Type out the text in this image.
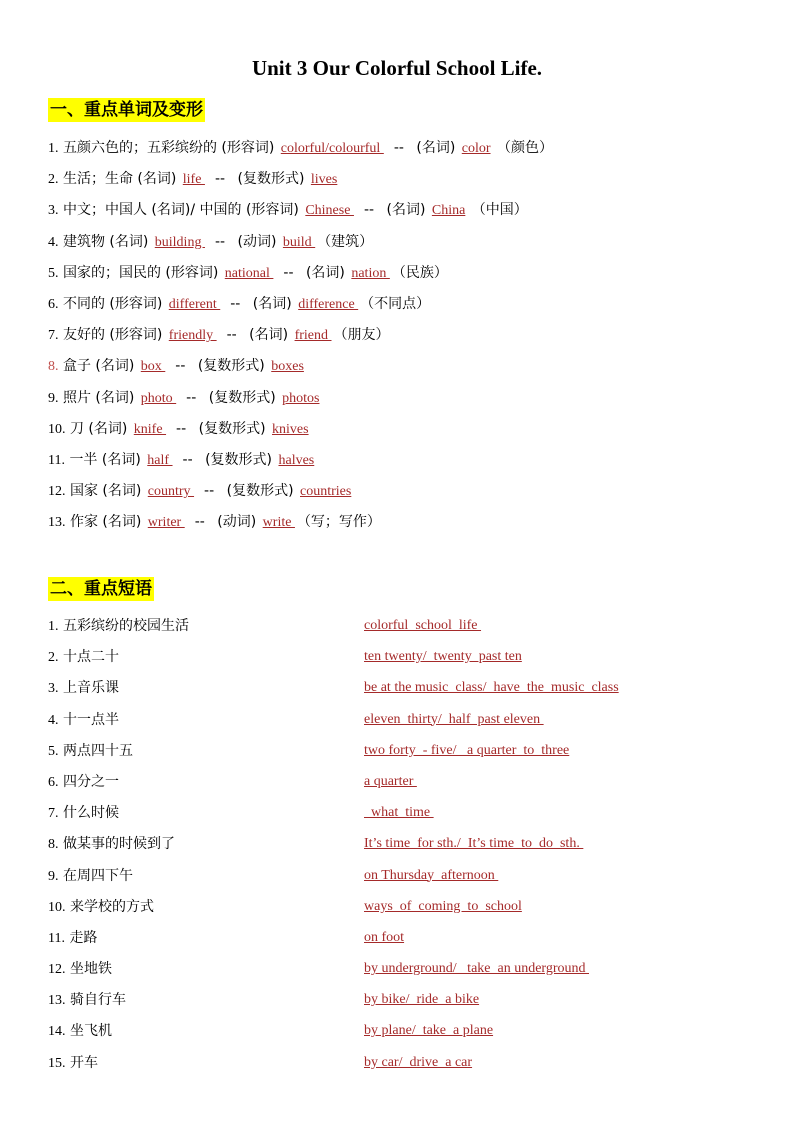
Unit 3 Our Colorful School Life.
一、重点单词及变形
1. 五颜六色的；五彩缤纷的 (形容词) colorful/colourful -- (名词) color （颜色）
2. 生活；生命 (名词) life -- (复数形式) lives
3. 中文；中国人 (名词)/ 中国的 (形容词) Chinese -- (名词) China （中国）
4. 建筑物 (名词) building -- (动词) build （建筑）
5. 国家的；国民的 (形容词) national -- (名词) nation （民族）
6. 不同的 (形容词) different -- (名词) difference （不同点）
7. 友好的 (形容词) friendly -- (名词) friend （朋友）
8. 盒子 (名词) box -- (复数形式) boxes
9. 照片 (名词) photo -- (复数形式) photos
10. 刀 (名词) knife -- (复数形式) knives
11. 一半 (名词) half -- (复数形式) halves
12. 国家 (名词) country -- (复数形式) countries
13. 作家 (名词) writer -- (动词) write （写；写作）
二、重点短语
1. 五彩缤纷的校园生活	colorful  school  life
2. 十点二十	ten twenty/  twenty  past ten
3. 上音乐课	be at the music  class/  have  the  music  class
4. 十一点半	eleven  thirty/  half  past eleven
5. 两点四十五	two forty  - five/   a quarter  to  three
6. 四分之一	a quarter
7. 什么时候	what  time
8. 做某事的时候到了	It’s time  for sth./  It’s time  to  do  sth.
9. 在周四下午	on Thursday  afternoon
10. 来学校的方式	ways  of  coming  to  school
11. 走路	on foot
12. 坐地铁	by underground/   take  an underground
13. 骑自行车	by bike/  ride  a bike
14. 坐飞机	by plane/  take  a plane
15. 开车	by car/  drive  a car
